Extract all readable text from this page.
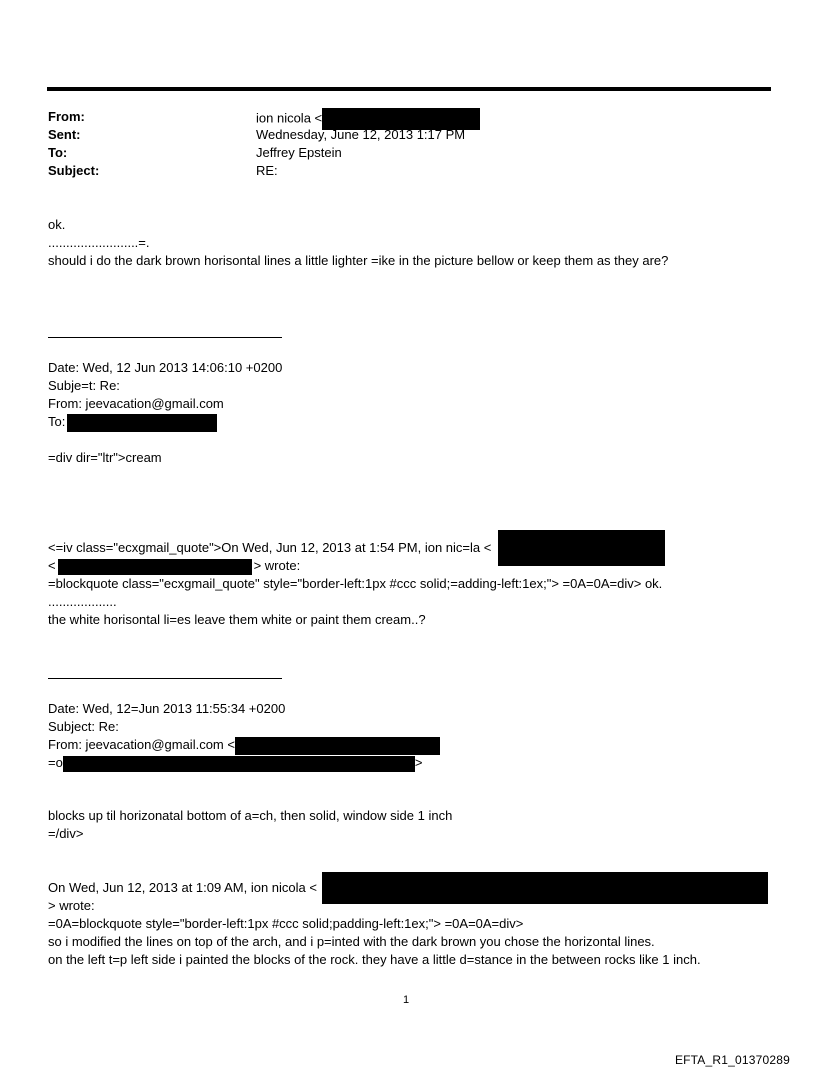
From:	ion nicola <
Sent:	Wednesday, June 12, 2013 1:17 PM
To:	Jeffrey Epstein
Subject:	RE:
ok.
.........................=.
should i do the dark brown horisontal lines a little lighter =ike in the picture bellow or keep them as they are?
Date: Wed, 12 Jun 2013 14:06:10 +0200
Subje=t: Re:
From: jeevacation@gmail.com
To:
=div dir="ltr">cream
<=iv class="ecxgmail_quote">On Wed, Jun 12, 2013 at 1:54 PM, ion nic=la <
<	> wrote:
=blockquote class="ecxgmail_quote" style="border-left:1px #ccc solid;=adding-left:1ex;"> =0A=0A=div> ok.
...................
the white horisontal li=es leave them white or paint them cream..?
Date: Wed, 12=Jun 2013 11:55:34 +0200
Subject: Re:
From: jeevacation@gmail.com <
=o	>
blocks up til horizonatal bottom of a=ch, then solid, window side 1 inch
=/div>
On Wed, Jun 12, 2013 at 1:09 AM, ion nicola <
> wrote:
=0A=blockquote style="border-left:1px #ccc solid;padding-left:1ex;"> =0A=0A=div>
so i modified the lines on top of the arch, and i p=inted with the dark brown you chose the horizontal lines.
on the left t=p left side i painted the blocks of the rock. they have a little d=stance in the between rocks like 1 inch.
1
EFTA_R1_01370289
